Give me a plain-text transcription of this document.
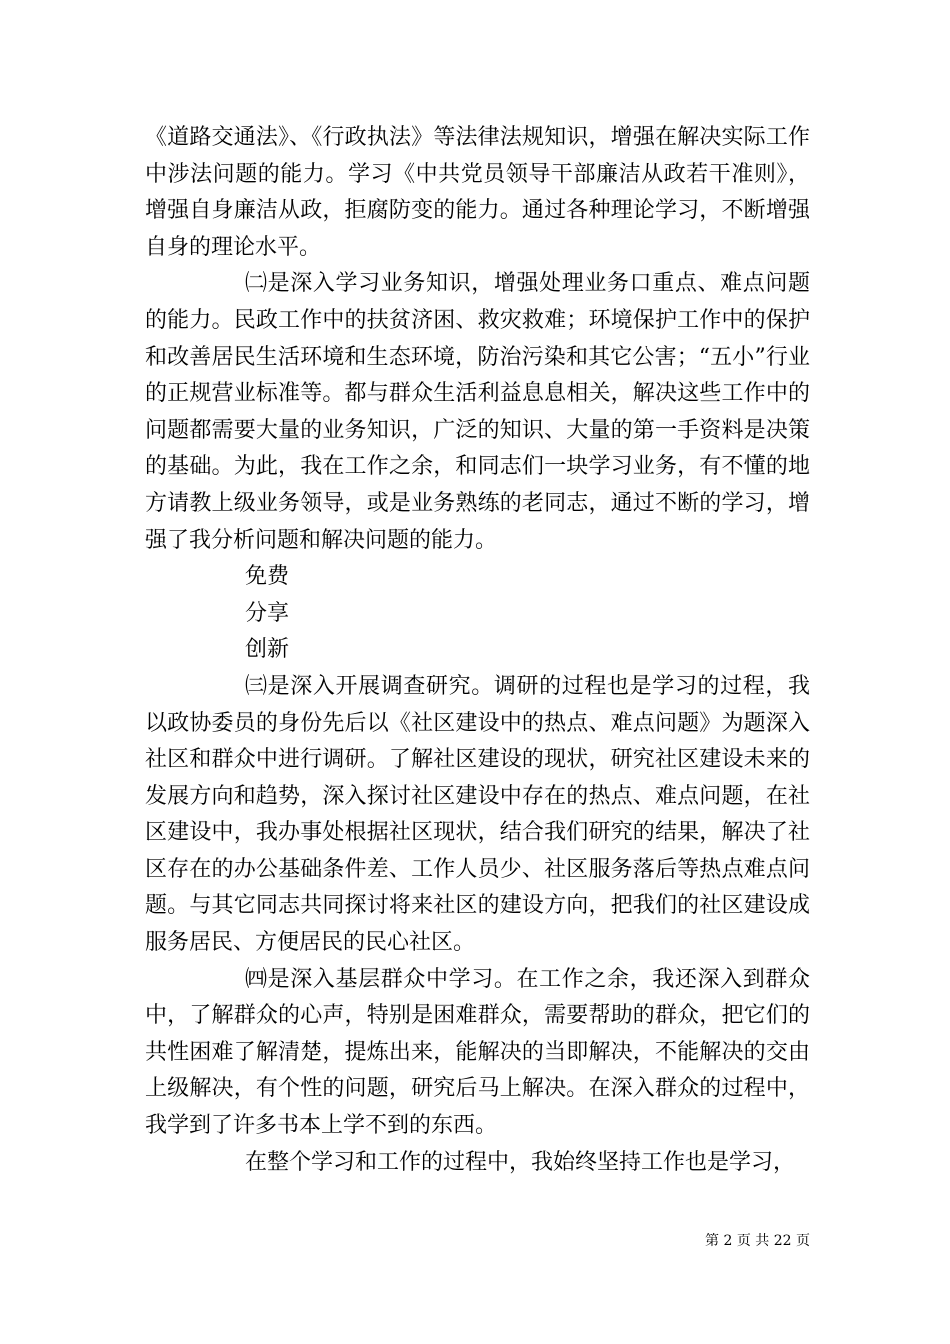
《道路交通法》、《行政执法》等法律法规知识，增强在解决实际工作中涉法问题的能力。学习《中共党员领导干部廉洁从政若干准则》，增强自身廉洁从政，拒腐防变的能力。通过各种理论学习，不断增强自身的理论水平。

㈡是深入学习业务知识，增强处理业务口重点、难点问题的能力。民政工作中的扶贫济困、救灾救难；环境保护工作中的保护和改善居民生活环境和生态环境，防治污染和其它公害；“五小”行业的正规营业标准等。都与群众生活利益息息相关，解决这些工作中的问题都需要大量的业务知识，广泛的知识、大量的第一手资料是决策的基础。为此，我在工作之余，和同志们一块学习业务，有不懂的地方请教上级业务领导，或是业务熟练的老同志，通过不断的学习，增强了我分析问题和解决问题的能力。

免费

分享

创新

㈢是深入开展调查研究。调研的过程也是学习的过程，我以政协委员的身份先后以《社区建设中的热点、难点问题》为题深入社区和群众中进行调研。了解社区建设的现状，研究社区建设未来的发展方向和趋势，深入探讨社区建设中存在的热点、难点问题，在社区建设中，我办事处根据社区现状，结合我们研究的结果，解决了社区存在的办公基础条件差、工作人员少、社区服务落后等热点难点问题。与其它同志共同探讨将来社区的建设方向，把我们的社区建设成服务居民、方便居民的民心社区。

㈣是深入基层群众中学习。在工作之余，我还深入到群众中，了解群众的心声，特别是困难群众，需要帮助的群众，把它们的共性困难了解清楚，提炼出来，能解决的当即解决，不能解决的交由上级解决，有个性的问题，研究后马上解决。在深入群众的过程中，我学到了许多书本上学不到的东西。

在整个学习和工作的过程中，我始终坚持工作也是学习，

第 2 页 共 22 页
